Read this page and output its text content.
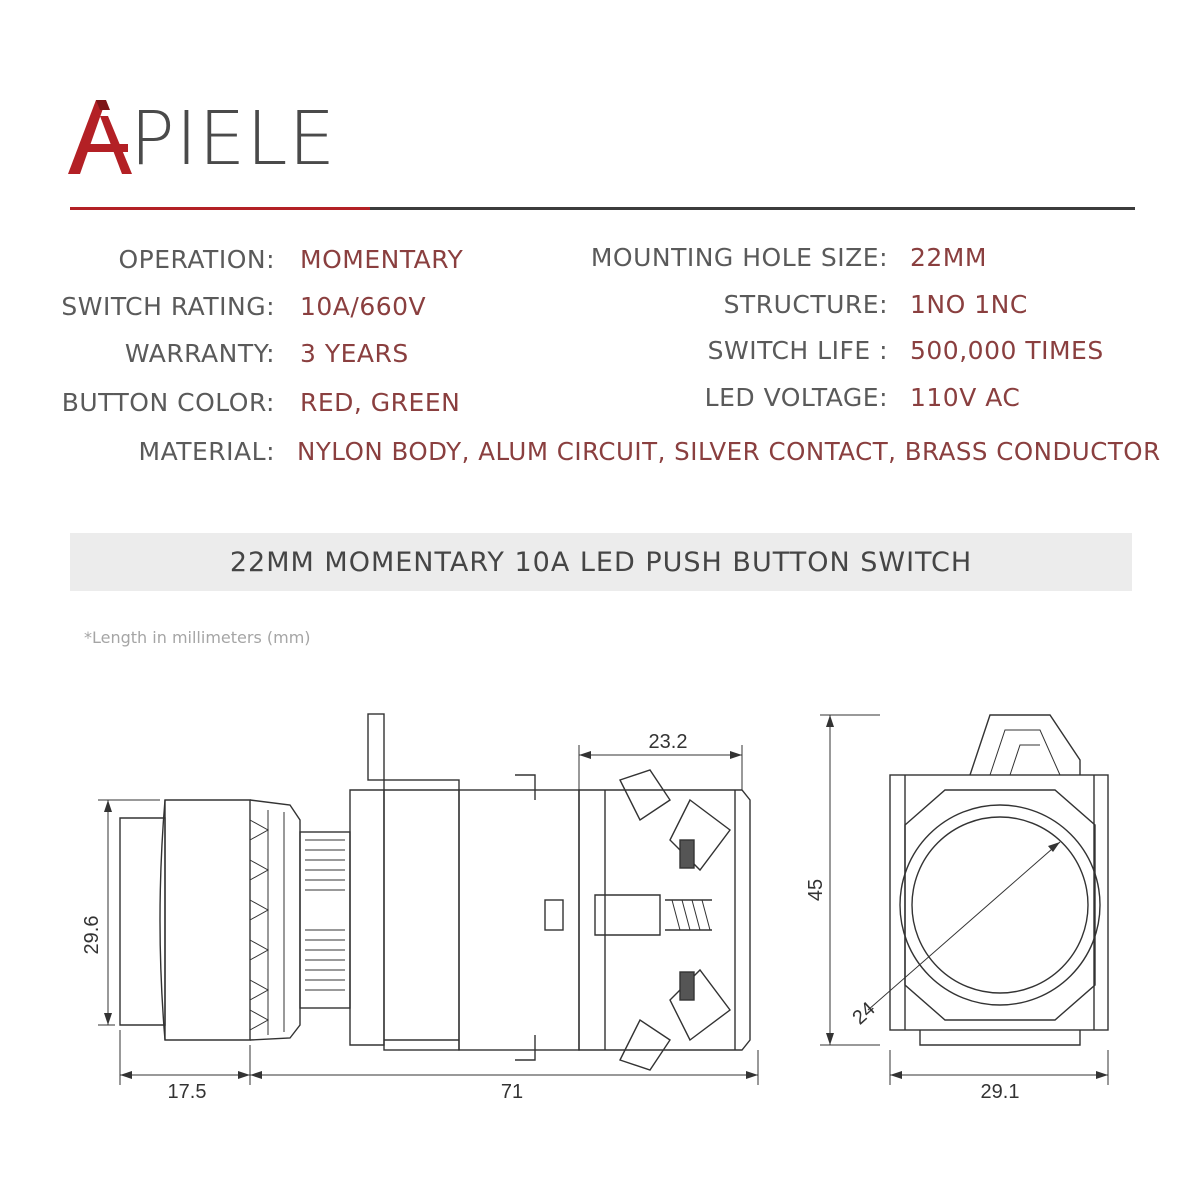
PIELE
OPERATION: MOMENTARY
SWITCH RATING: 10A/660V
WARRANTY: 3 YEARS
BUTTON COLOR: RED, GREEN
MATERIAL: NYLON BODY, ALUM CIRCUIT, SILVER CONTACT, BRASS CONDUCTOR
MOUNTING HOLE SIZE: 22MM
STRUCTURE: 1NO 1NC
SWITCH LIFE : 500,000 TIMES
LED VOLTAGE: 110V AC
22MM MOMENTARY 10A LED PUSH BUTTON SWITCH
*Length in millimeters (mm)
29.6
23.2
17.5	71
45
24
29.1
